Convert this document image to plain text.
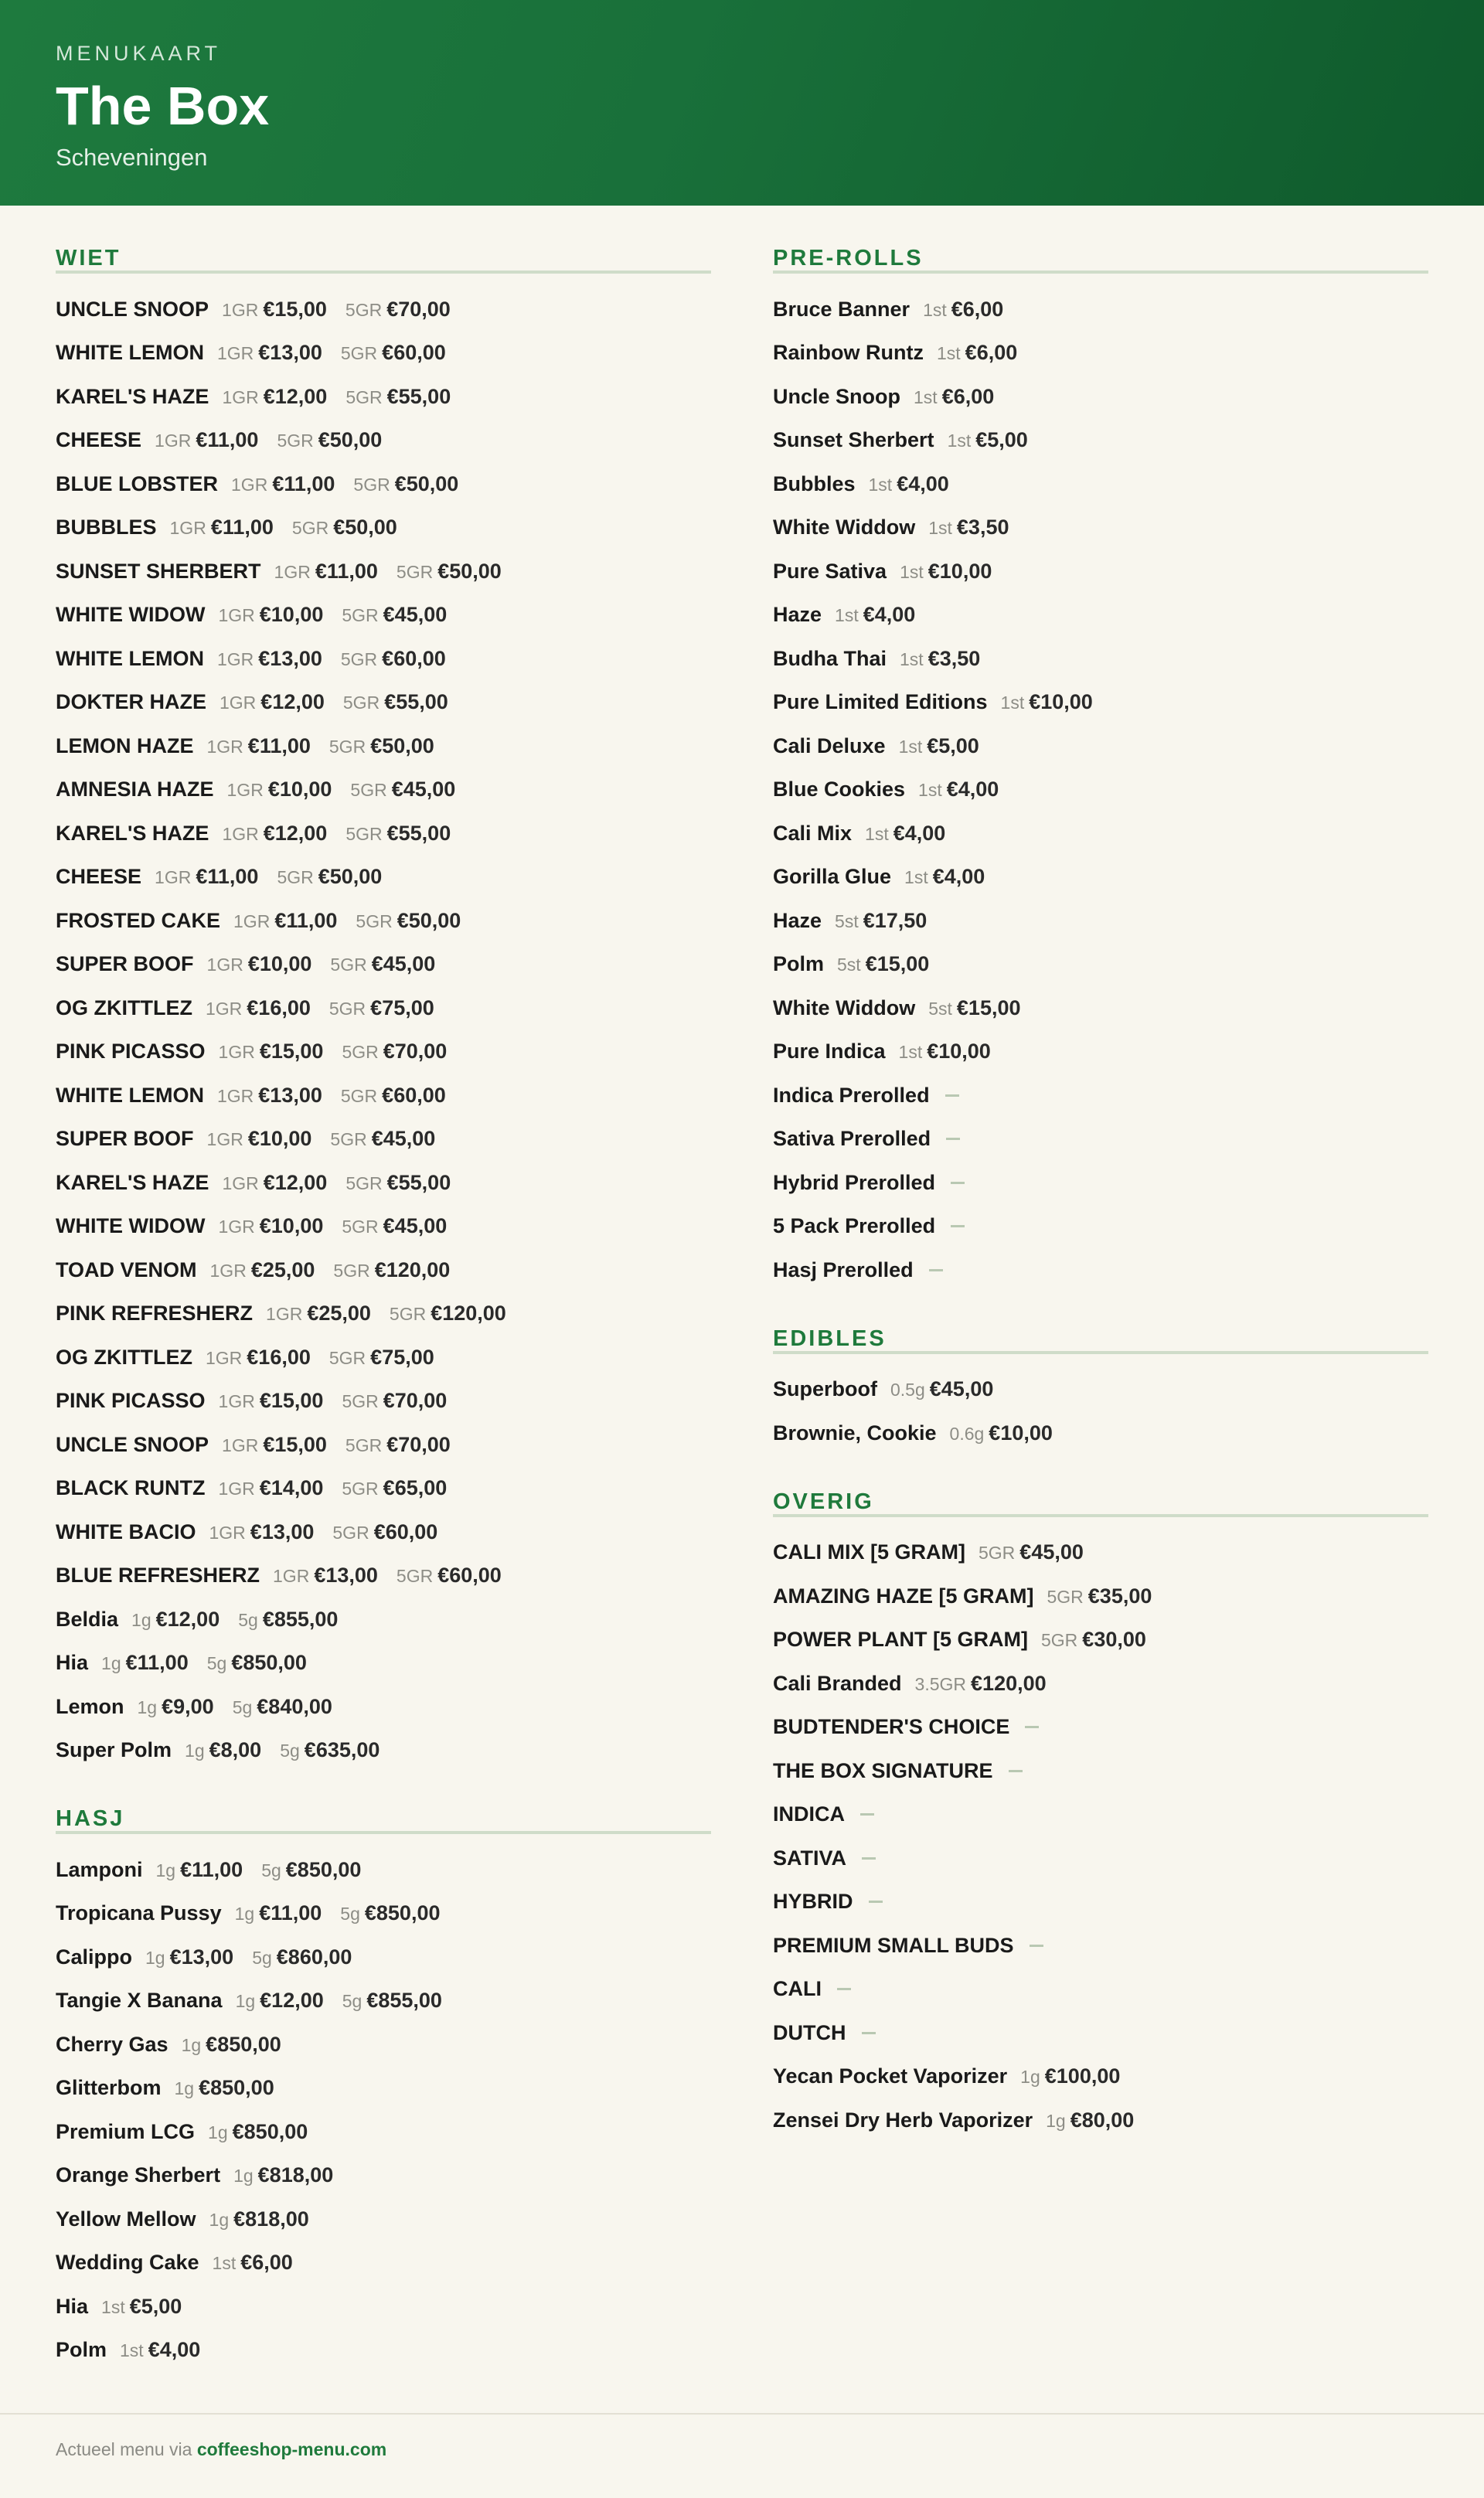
MENUKAART
The Box
Scheveningen
WIET
UNCLE SNOOP 1GR €15,00 5GR €70,00
WHITE LEMON 1GR €13,00 5GR €60,00
KAREL'S HAZE 1GR €12,00 5GR €55,00
CHEESE 1GR €11,00 5GR €50,00
BLUE LOBSTER 1GR €11,00 5GR €50,00
BUBBLES 1GR €11,00 5GR €50,00
SUNSET SHERBERT 1GR €11,00 5GR €50,00
WHITE WIDOW 1GR €10,00 5GR €45,00
WHITE LEMON 1GR €13,00 5GR €60,00
DOKTER HAZE 1GR €12,00 5GR €55,00
LEMON HAZE 1GR €11,00 5GR €50,00
AMNESIA HAZE 1GR €10,00 5GR €45,00
KAREL'S HAZE 1GR €12,00 5GR €55,00
CHEESE 1GR €11,00 5GR €50,00
FROSTED CAKE 1GR €11,00 5GR €50,00
SUPER BOOF 1GR €10,00 5GR €45,00
OG ZKITTLEZ 1GR €16,00 5GR €75,00
PINK PICASSO 1GR €15,00 5GR €70,00
WHITE LEMON 1GR €13,00 5GR €60,00
SUPER BOOF 1GR €10,00 5GR €45,00
KAREL'S HAZE 1GR €12,00 5GR €55,00
WHITE WIDOW 1GR €10,00 5GR €45,00
TOAD VENOM 1GR €25,00 5GR €120,00
PINK REFRESHERZ 1GR €25,00 5GR €120,00
OG ZKITTLEZ 1GR €16,00 5GR €75,00
PINK PICASSO 1GR €15,00 5GR €70,00
UNCLE SNOOP 1GR €15,00 5GR €70,00
BLACK RUNTZ 1GR €14,00 5GR €65,00
WHITE BACIO 1GR €13,00 5GR €60,00
BLUE REFRESHERZ 1GR €13,00 5GR €60,00
Beldia 1g €12,00 5g €855,00
Hia 1g €11,00 5g €850,00
Lemon 1g €9,00 5g €840,00
Super Polm 1g €8,00 5g €635,00
HASJ
Lamponi 1g €11,00 5g €850,00
Tropicana Pussy 1g €11,00 5g €850,00
Calippo 1g €13,00 5g €860,00
Tangie X Banana 1g €12,00 5g €855,00
Cherry Gas 1g €850,00
Glitterbom 1g €850,00
Premium LCG 1g €850,00
Orange Sherbert 1g €818,00
Yellow Mellow 1g €818,00
Wedding Cake 1st €6,00
Hia 1st €5,00
Polm 1st €4,00
PRE-ROLLS
Bruce Banner 1st €6,00
Rainbow Runtz 1st €6,00
Uncle Snoop 1st €6,00
Sunset Sherbert 1st €5,00
Bubbles 1st €4,00
White Widdow 1st €3,50
Pure Sativa 1st €10,00
Haze 1st €4,00
Budha Thai 1st €3,50
Pure Limited Editions 1st €10,00
Cali Deluxe 1st €5,00
Blue Cookies 1st €4,00
Cali Mix 1st €4,00
Gorilla Glue 1st €4,00
Haze 5st €17,50
Polm 5st €15,00
White Widdow 5st €15,00
Pure Indica 1st €10,00
Indica Prerolled
Sativa Prerolled
Hybrid Prerolled
5 Pack Prerolled
Hasj Prerolled
EDIBLES
Superboof 0.5g €45,00
Brownie, Cookie 0.6g €10,00
OVERIG
CALI MIX [5 GRAM] 5GR €45,00
AMAZING HAZE [5 GRAM] 5GR €35,00
POWER PLANT [5 GRAM] 5GR €30,00
Cali Branded 3.5GR €120,00
BUDTENDER'S CHOICE
THE BOX SIGNATURE
INDICA
SATIVA
HYBRID
PREMIUM SMALL BUDS
CALI
DUTCH
Yecan Pocket Vaporizer 1g €100,00
Zensei Dry Herb Vaporizer 1g €80,00
Actueel menu via coffeeshop-menu.com
